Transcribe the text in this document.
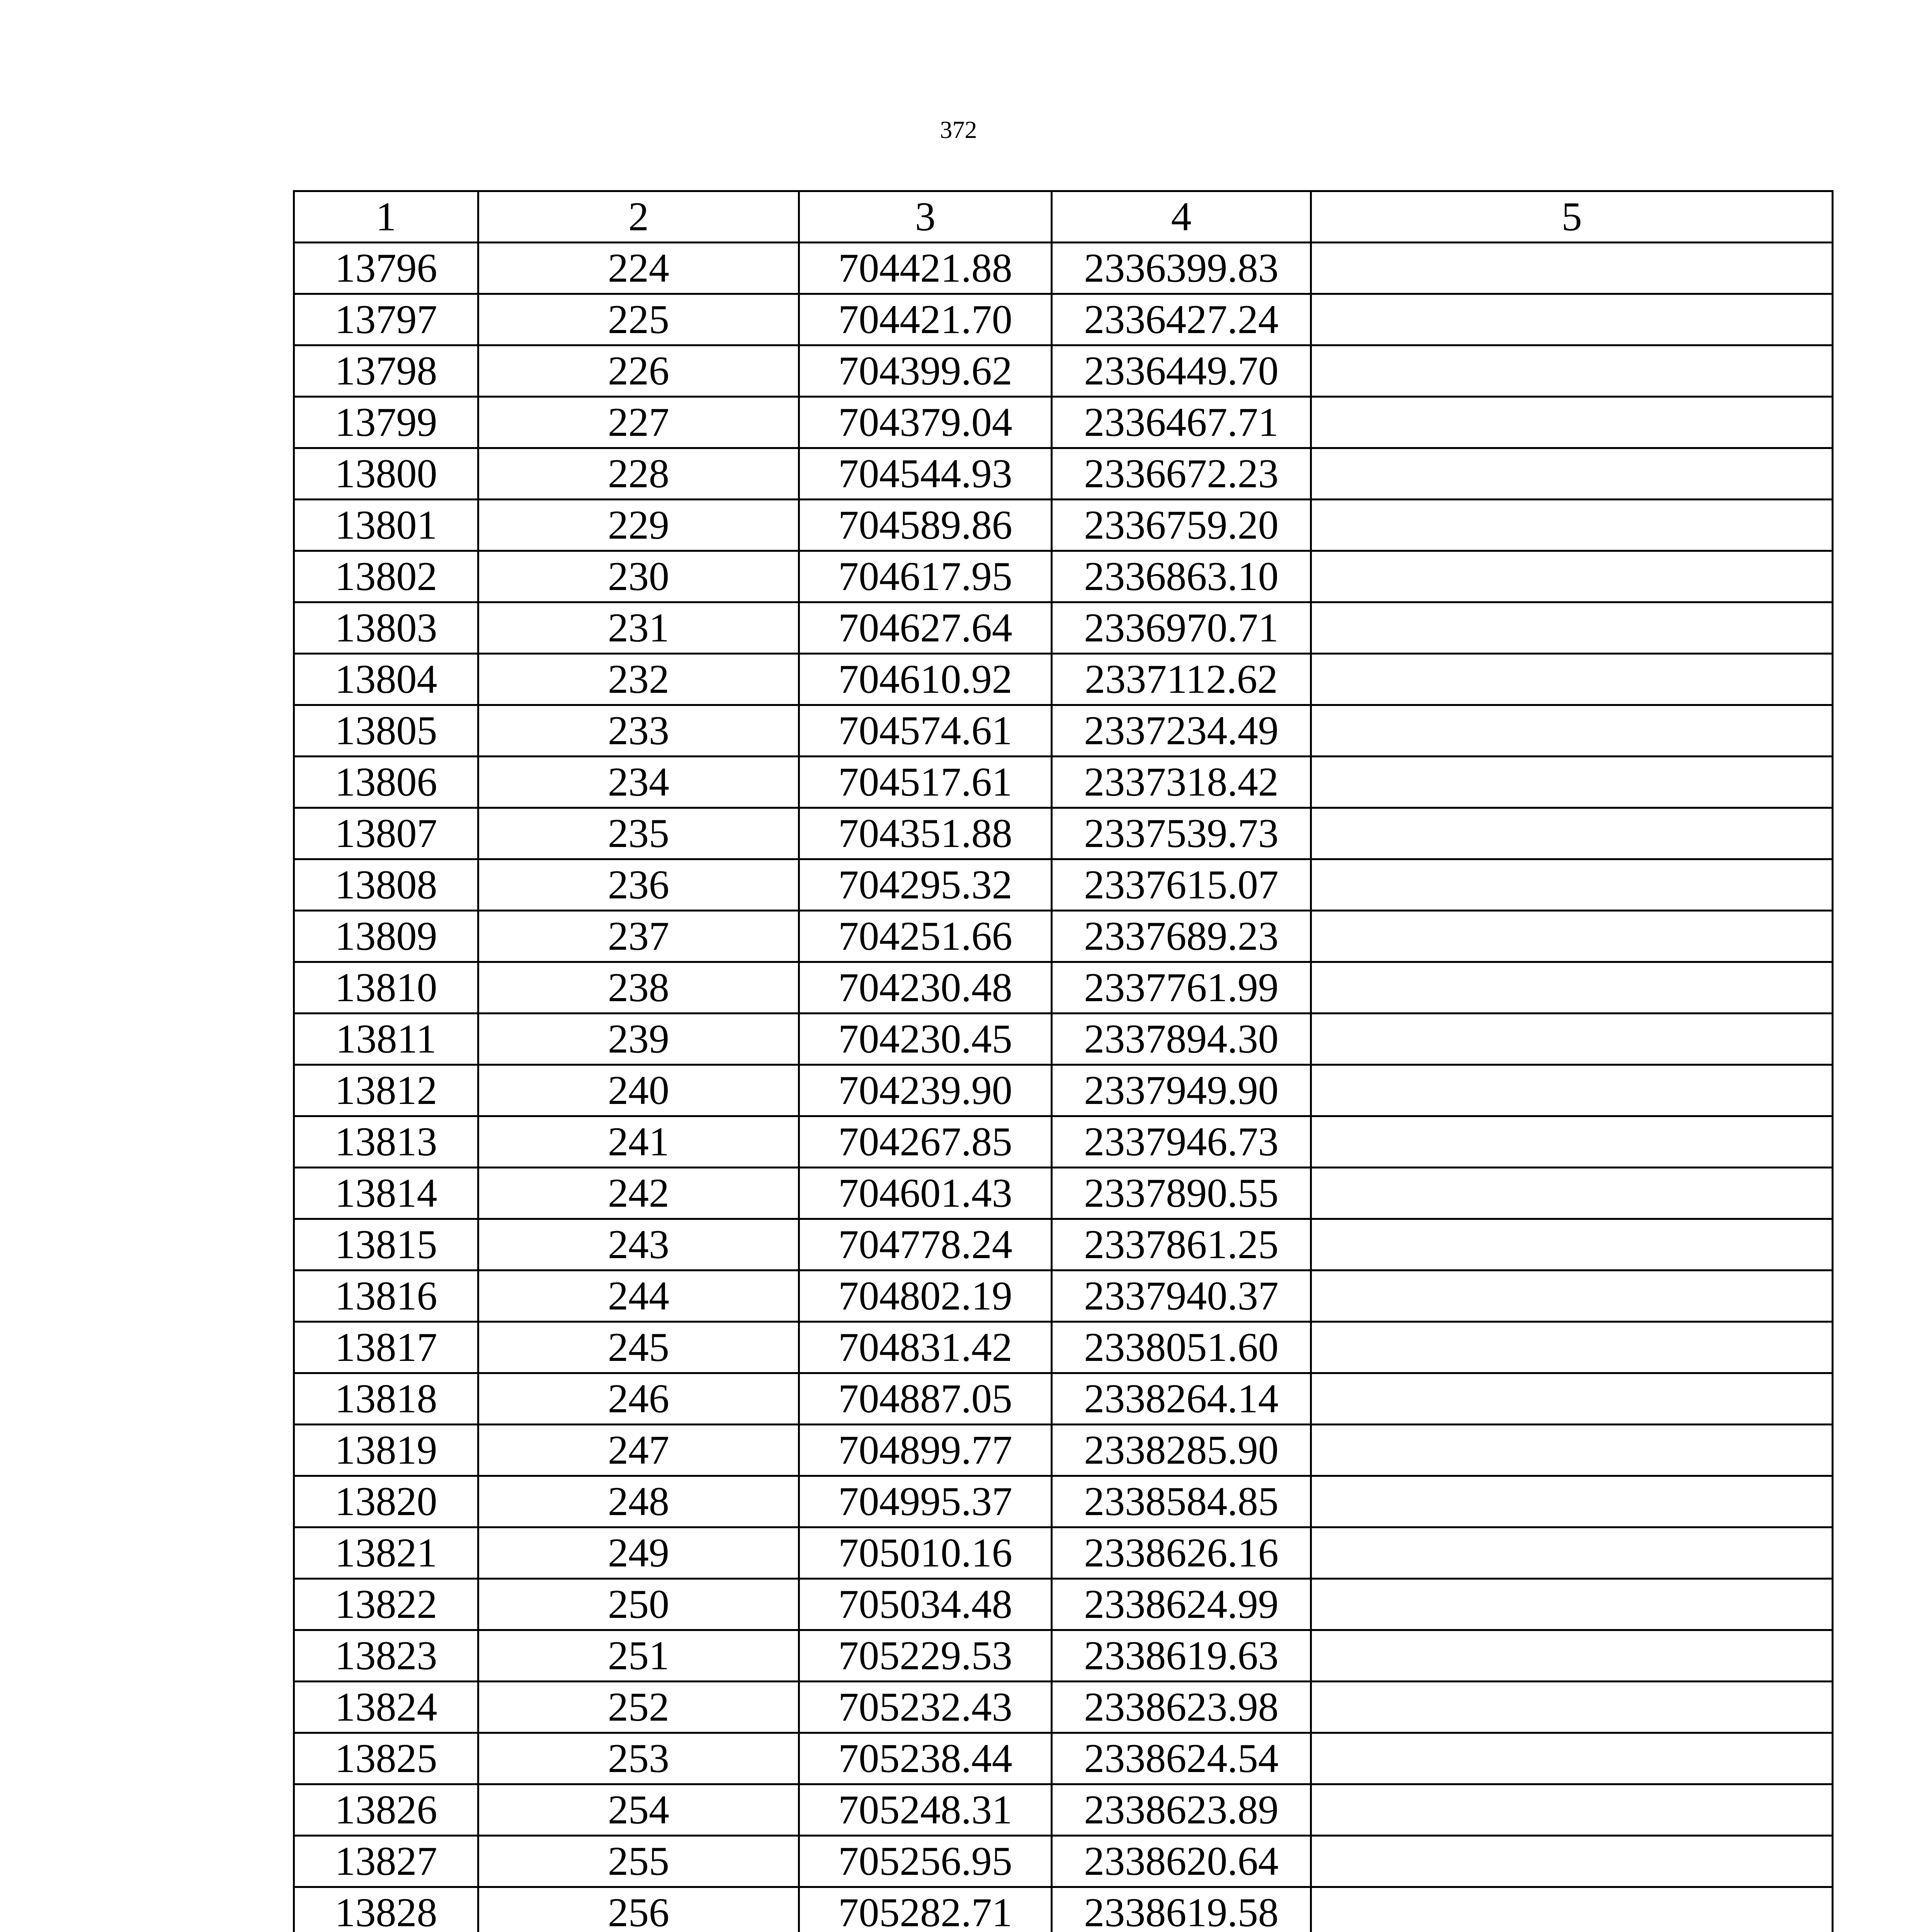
372
1	2	3	4	5
13796	224	704421.88	2336399.83	
13797	225	704421.70	2336427.24	
13798	226	704399.62	2336449.70	
13799	227	704379.04	2336467.71	
13800	228	704544.93	2336672.23	
13801	229	704589.86	2336759.20	
13802	230	704617.95	2336863.10	
13803	231	704627.64	2336970.71	
13804	232	704610.92	2337112.62	
13805	233	704574.61	2337234.49	
13806	234	704517.61	2337318.42	
13807	235	704351.88	2337539.73	
13808	236	704295.32	2337615.07	
13809	237	704251.66	2337689.23	
13810	238	704230.48	2337761.99	
13811	239	704230.45	2337894.30	
13812	240	704239.90	2337949.90	
13813	241	704267.85	2337946.73	
13814	242	704601.43	2337890.55	
13815	243	704778.24	2337861.25	
13816	244	704802.19	2337940.37	
13817	245	704831.42	2338051.60	
13818	246	704887.05	2338264.14	
13819	247	704899.77	2338285.90	
13820	248	704995.37	2338584.85	
13821	249	705010.16	2338626.16	
13822	250	705034.48	2338624.99	
13823	251	705229.53	2338619.63	
13824	252	705232.43	2338623.98	
13825	253	705238.44	2338624.54	
13826	254	705248.31	2338623.89	
13827	255	705256.95	2338620.64	
13828	256	705282.71	2338619.58	
